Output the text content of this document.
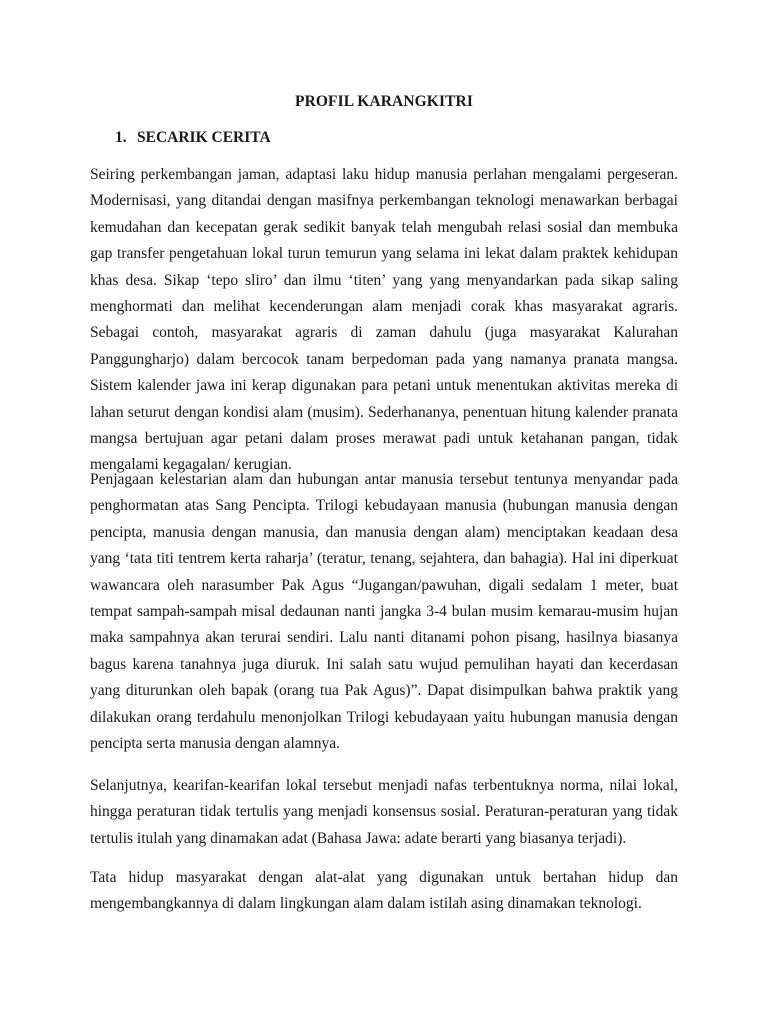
PROFIL KARANGKITRI
1. SECARIK CERITA

Seiring perkembangan jaman, adaptasi laku hidup manusia perlahan mengalami pergeseran. Modernisasi, yang ditandai dengan masifnya perkembangan teknologi menawarkan berbagai kemudahan dan kecepatan gerak sedikit banyak telah mengubah relasi sosial dan membuka gap transfer pengetahuan lokal turun temurun yang selama ini lekat dalam praktek kehidupan khas desa. Sikap ‘tepo sliro’ dan ilmu ‘titen’ yang yang menyandarkan pada sikap saling menghormati dan melihat kecenderungan alam menjadi corak khas masyarakat agraris. Sebagai contoh, masyarakat agraris di zaman dahulu (juga masyarakat Kalurahan Panggungharjo) dalam bercocok tanam berpedoman pada yang namanya pranata mangsa. Sistem kalender jawa ini kerap digunakan para petani untuk menentukan aktivitas mereka di lahan seturut dengan kondisi alam (musim). Sederhananya, penentuan hitung kalender pranata mangsa bertujuan agar petani dalam proses merawat padi untuk ketahanan pangan, tidak mengalami kegagalan/ kerugian.

Penjagaan kelestarian alam dan hubungan antar manusia tersebut tentunya menyandar pada penghormatan atas Sang Pencipta. Trilogi kebudayaan manusia (hubungan manusia dengan pencipta, manusia dengan manusia, dan manusia dengan alam) menciptakan keadaan desa yang ‘tata titi tentrem kerta raharja’ (teratur, tenang, sejahtera, dan bahagia). Hal ini diperkuat wawancara oleh narasumber Pak Agus “Jugangan/pawuhan, digali sedalam 1 meter, buat tempat sampah-sampah misal dedaunan nanti jangka 3-4 bulan musim kemarau-musim hujan maka sampahnya akan terurai sendiri. Lalu nanti ditanami pohon pisang, hasilnya biasanya bagus karena tanahnya juga diuruk. Ini salah satu wujud pemulihan hayati dan kecerdasan yang diturunkan oleh bapak (orang tua Pak Agus)”. Dapat disimpulkan bahwa praktik yang dilakukan orang terdahulu menonjolkan Trilogi kebudayaan yaitu hubungan manusia dengan pencipta serta manusia dengan alamnya.

Selanjutnya, kearifan-kearifan lokal tersebut menjadi nafas terbentuknya norma, nilai lokal, hingga peraturan tidak tertulis yang menjadi konsensus sosial. Peraturan-peraturan yang tidak tertulis itulah yang dinamakan adat (Bahasa Jawa: adate berarti yang biasanya terjadi).

Tata hidup masyarakat dengan alat-alat yang digunakan untuk bertahan hidup dan mengembangkannya di dalam lingkungan alam dalam istilah asing dinamakan teknologi.
